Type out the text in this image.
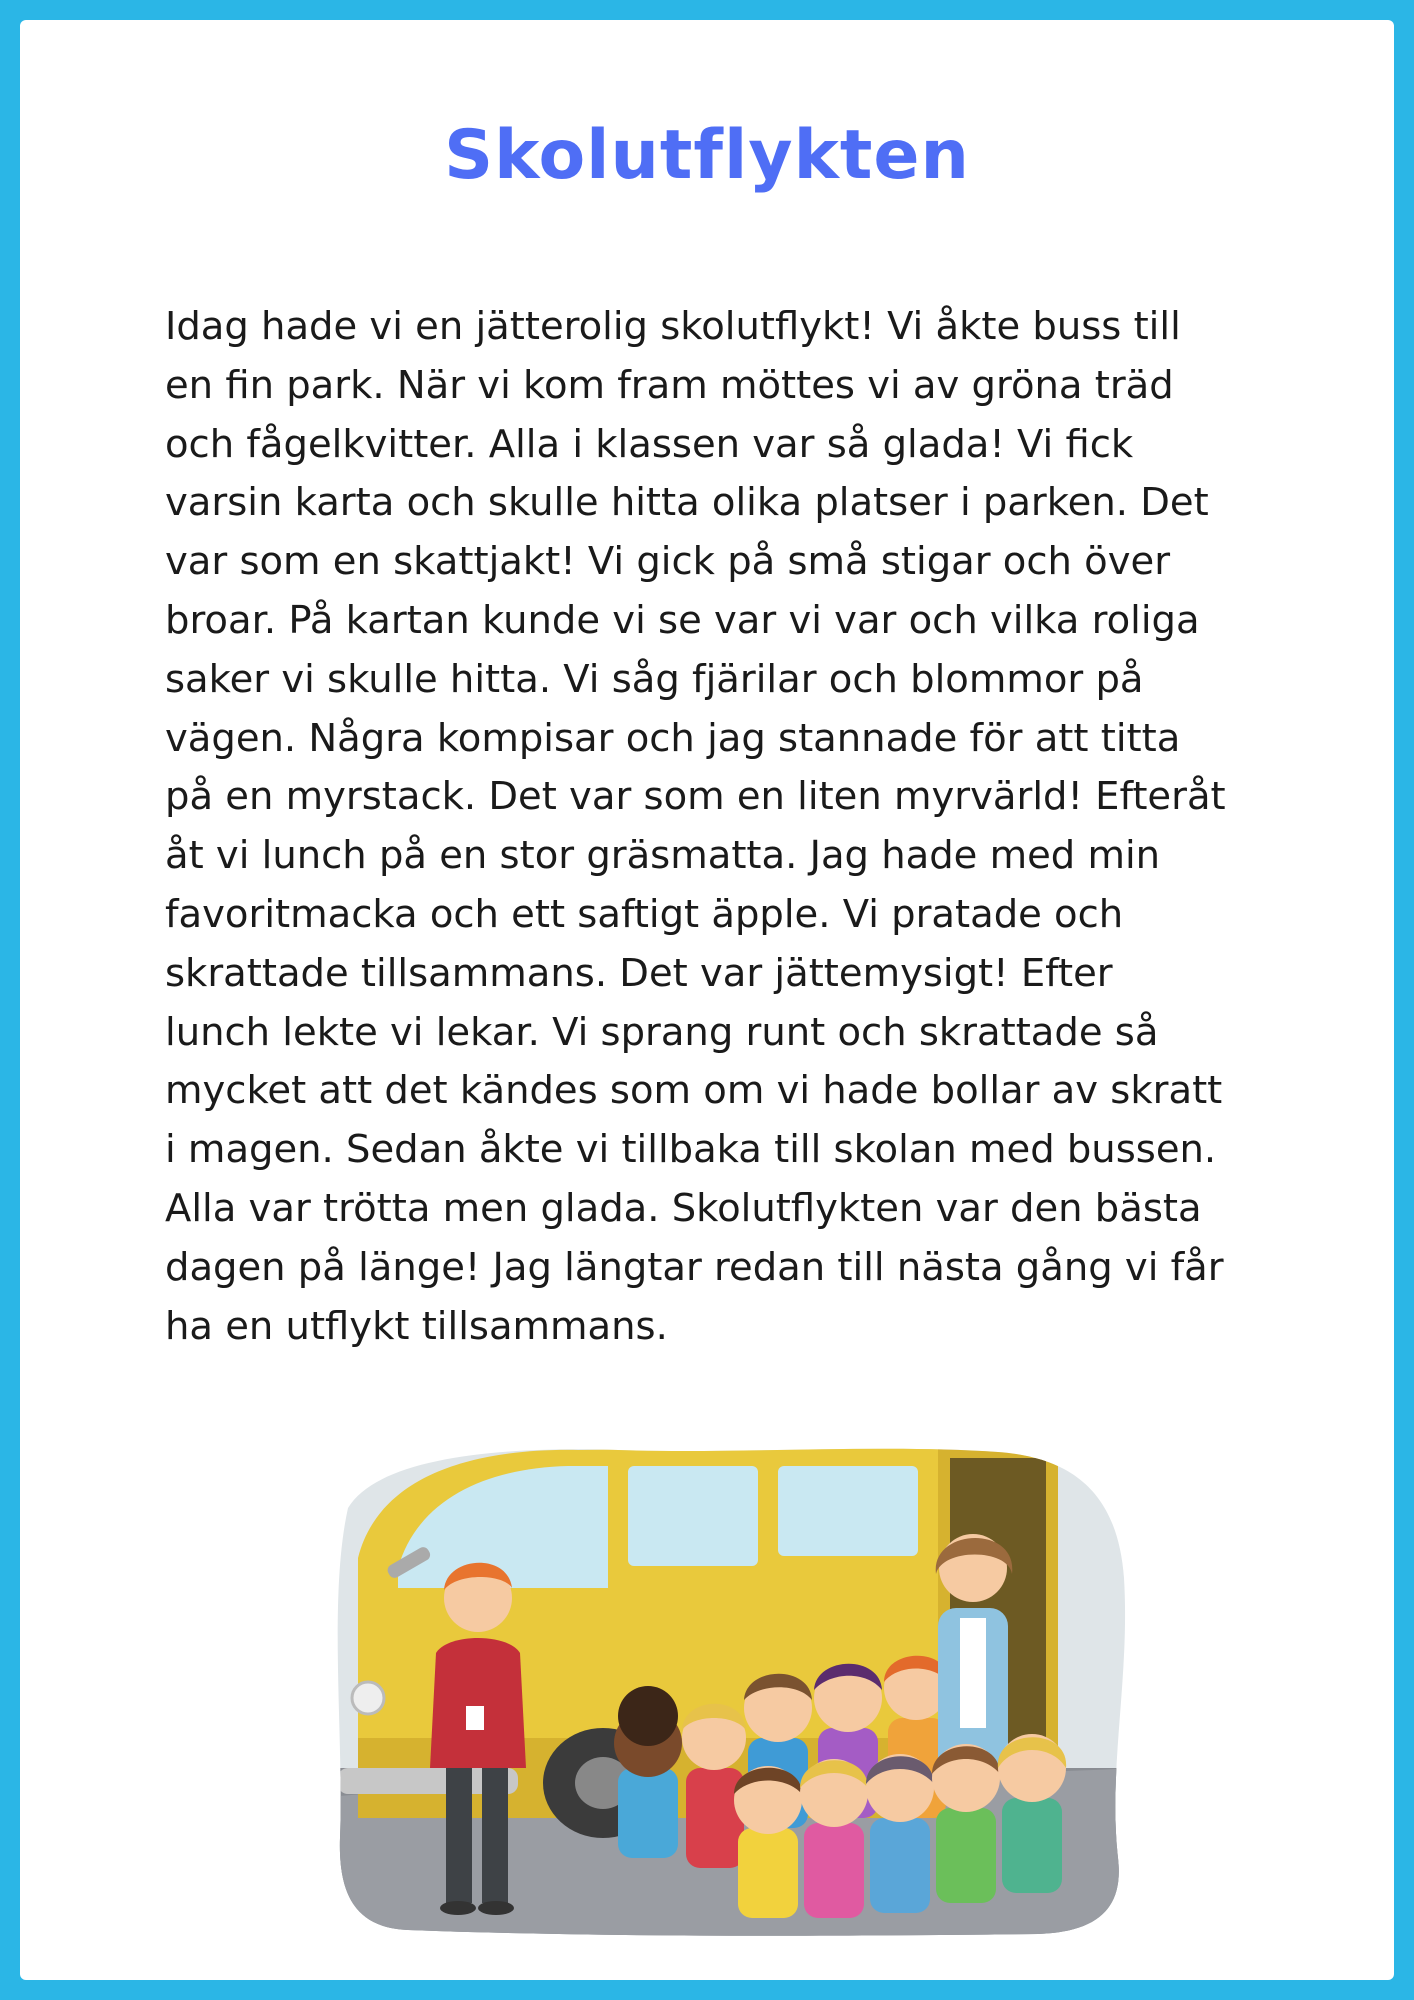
Skolutflykten
Idag hade vi en jätterolig skolutflykt! Vi åkte buss till
en fin park. När vi kom fram möttes vi av gröna träd
och fågelkvitter. Alla i klassen var så glada! Vi fick
varsin karta och skulle hitta olika platser i parken. Det
var som en skattjakt! Vi gick på små stigar och över
broar. På kartan kunde vi se var vi var och vilka roliga
saker vi skulle hitta. Vi såg fjärilar och blommor på
vägen. Några kompisar och jag stannade för att titta
på en myrstack. Det var som en liten myrvärld! Efteråt
åt vi lunch på en stor gräsmatta. Jag hade med min
favoritmacka och ett saftigt äpple. Vi pratade och
skrattade tillsammans. Det var jättemysigt! Efter
lunch lekte vi lekar. Vi sprang runt och skrattade så
mycket att det kändes som om vi hade bollar av skratt
i magen. Sedan åkte vi tillbaka till skolan med bussen.
Alla var trötta men glada. Skolutflykten var den bästa
dagen på länge! Jag längtar redan till nästa gång vi får
ha en utflykt tillsammans.
